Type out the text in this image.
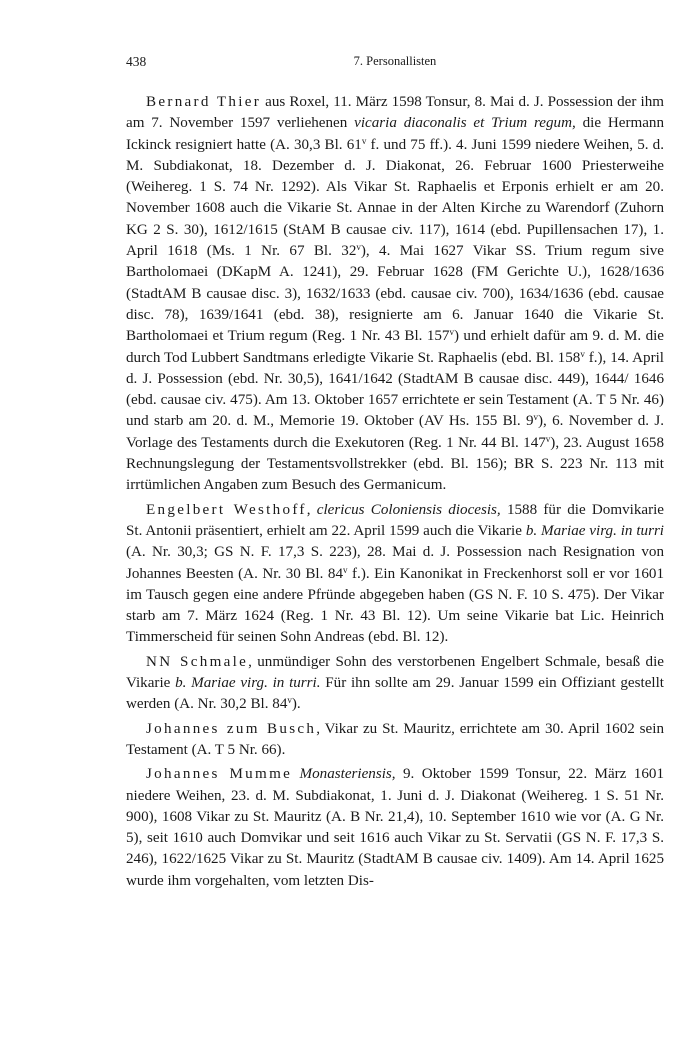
438	7. Personallisten

Bernard Thier aus Roxel, 11. März 1598 Tonsur, 8. Mai d. J. Possession der ihm am 7. November 1597 verliehenen vicaria diaconalis et Trium regum, die Hermann Ickinck resigniert hatte (A. 30,3 Bl. 61$^v$ f. und 75 ff.). 4. Juni 1599 niedere Weihen, 5. d. M. Subdiakonat, 18. Dezember d. J. Diakonat, 26. Februar 1600 Priesterweihe (Weihereg. 1 S. 74 Nr. 1292). Als Vikar St. Raphaelis et Erponis erhielt er am 20. November 1608 auch die Vikarie St. Annae in der Alten Kirche zu Warendorf (Zuhorn KG 2 S. 30), 1612/1615 (StAM B causae civ. 117), 1614 (ebd. Pupillensachen 17), 1. April 1618 (Ms. 1 Nr. 67 Bl. 32$^v$), 4. Mai 1627 Vikar SS. Trium regum sive Bartholomaei (DKapM A. 1241), 29. Februar 1628 (FM Gerichte U.), 1628/1636 (StadtAM B causae disc. 3), 1632/1633 (ebd. causae civ. 700), 1634/1636 (ebd. causae disc. 78), 1639/1641 (ebd. 38), resignierte am 6. Januar 1640 die Vikarie St. Bartholomaei et Trium regum (Reg. 1 Nr. 43 Bl. 157$^v$) und erhielt dafür am 9. d. M. die durch Tod Lubbert Sandtmans erledigte Vikarie St. Raphaelis (ebd. Bl. 158$^v$ f.), 14. April d. J. Possession (ebd. Nr. 30,5), 1641/1642 (StadtAM B causae disc. 449), 1644/ 1646 (ebd. causae civ. 475). Am 13. Oktober 1657 errichtete er sein Testament (A. T 5 Nr. 46) und starb am 20. d. M., Memorie 19. Oktober (AV Hs. 155 Bl. 9$^v$), 6. November d. J. Vorlage des Testaments durch die Exekutoren (Reg. 1 Nr. 44 Bl. 147$^v$), 23. August 1658 Rechnungslegung der Testamentsvollstrekker (ebd. Bl. 156); BR S. 223 Nr. 113 mit irrtümlichen Angaben zum Besuch des Germanicum.

Engelbert Westhoff, clericus Coloniensis diocesis, 1588 für die Domvikarie St. Antonii präsentiert, erhielt am 22. April 1599 auch die Vikarie b. Mariae virg. in turri (A. Nr. 30,3; GS N. F. 17,3 S. 223), 28. Mai d. J. Possession nach Resignation von Johannes Beesten (A. Nr. 30 Bl. 84$^v$ f.). Ein Kanonikat in Freckenhorst soll er vor 1601 im Tausch gegen eine andere Pfründe abgegeben haben (GS N. F. 10 S. 475). Der Vikar starb am 7. März 1624 (Reg. 1 Nr. 43 Bl. 12). Um seine Vikarie bat Lic. Heinrich Timmerscheid für seinen Sohn Andreas (ebd. Bl. 12).

NN Schmale, unmündiger Sohn des verstorbenen Engelbert Schmale, besaß die Vikarie b. Mariae virg. in turri. Für ihn sollte am 29. Januar 1599 ein Offiziant gestellt werden (A. Nr. 30,2 Bl. 84$^v$).

Johannes zum Busch, Vikar zu St. Mauritz, errichtete am 30. April 1602 sein Testament (A. T 5 Nr. 66).

Johannes Mumme Monasteriensis, 9. Oktober 1599 Tonsur, 22. März 1601 niedere Weihen, 23. d. M. Subdiakonat, 1. Juni d. J. Diakonat (Weihereg. 1 S. 51 Nr. 900), 1608 Vikar zu St. Mauritz (A. B Nr. 21,4), 10. September 1610 wie vor (A. G Nr. 5), seit 1610 auch Domvikar und seit 1616 auch Vikar zu St. Servatii (GS N. F. 17,3 S. 246), 1622/1625 Vikar zu St. Mauritz (StadtAM B causae civ. 1409). Am 14. April 1625 wurde ihm vorgehalten, vom letzten Dis-
